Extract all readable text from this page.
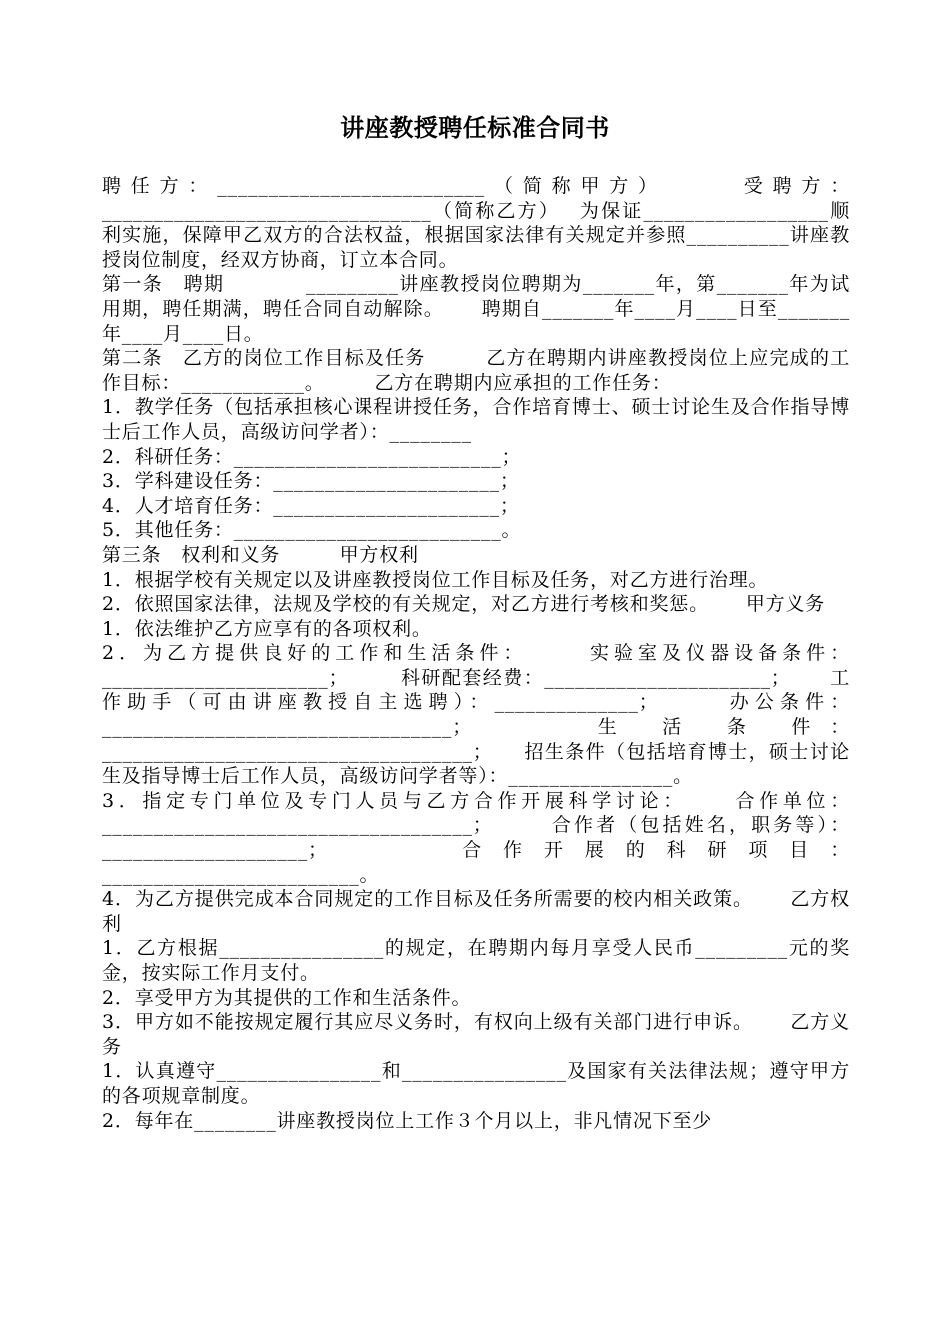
讲座教授聘任标准合同书

聘任方：__________________________（简称甲方）　　　受聘方：________________________________（简称乙方）　 为保证__________________顺利实施，保障甲乙双方的合法权益，根据国家法律有关规定并参照__________讲座教授岗位制度，经双方协商，订立本合同。

第一条　聘期　　　　_________讲座教授岗位聘期为_______年，第_______年为试用期，聘任期满，聘任合同自动解除。　　 聘期自_______年____月____日至_______年____月____日。

第二条　乙方的岗位工作目标及任务　　　乙方在聘期内讲座教授岗位上应完成的工作目标：____________。　　　乙方在聘期内应承担的工作任务：

1．教学任务（包括承担核心课程讲授任务，合作培育博士、硕士讨论生及合作指导博士后工作人员，高级访问学者）：________

2．科研任务：__________________________；

3．学科建设任务：______________________；

4．人才培育任务：______________________；

5．其他任务：__________________________。

第三条　权利和义务　　　甲方权利

1．根据学校有关规定以及讲座教授岗位工作目标及任务，对乙方进行治理。

2．依照国家法律，法规及学校的有关规定，对乙方进行考核和奖惩。　　 甲方义务

1．依法维护乙方应享有的各项权利。

2．为乙方提供良好的工作和生活条件：　　　实验室及仪器设备条件：______________________；　　　科研配套经费：______________________；　　 工作助手（可由讲座教授自主选聘）：______________；　　　办公条件：__________________________________；　　　生 活 条 件：____________________________________；　　招生条件（包括培育博士，硕士讨论生及指导博士后工作人员，高级访问学者等）：________________。

3．指定专门单位及专门人员与乙方合作开展科学讨论：　　 合作单位：____________________________________；　　　合作者（包括姓名，职务等）：____________________；　　　合作开展的科研项目：_________________________。

4．为乙方提供完成本合同规定的工作目标及任务所需要的校内相关政策。　　 乙方权利

1．乙方根据________________的规定，在聘期内每月享受人民币_________元的奖金，按实际工作月支付。

2．享受甲方为其提供的工作和生活条件。

3．甲方如不能按规定履行其应尽义务时，有权向上级有关部门进行申诉。　　 乙方义务

1．认真遵守________________和________________及国家有关法律法规；遵守甲方的各项规章制度。

2．每年在________讲座教授岗位上工作３个月以上，非凡情况下至少
